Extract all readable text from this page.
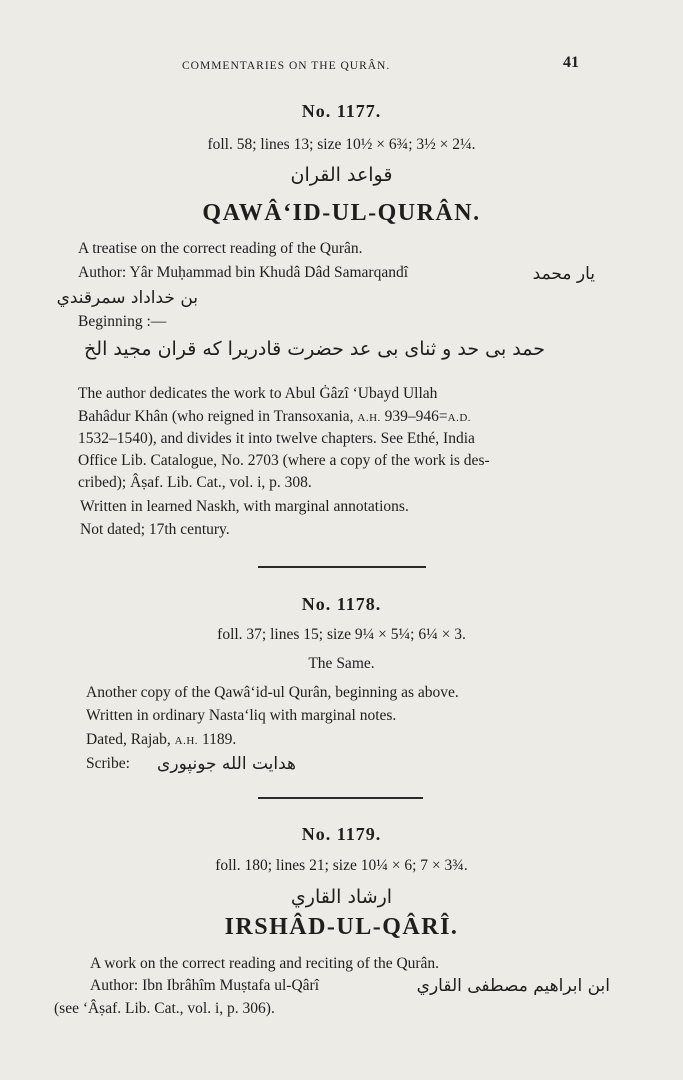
COMMENTARIES ON THE QURÂN.	41
No. 1177.
foll. 58; lines 13; size 10½ × 6¾; 3½ × 2¼.
قواعد القران
QAWÂ‘ID-UL-QURÂN.
A treatise on the correct reading of the Qurân.
Author: Yâr Muḥammad bin Khudâ Dâd Samarqandî	یار محمد
بن خداداد سمرقندي
Beginning :—
حمد بی حد و ثنای بی عد حضرت قادریرا که قران مجید الخ
The author dedicates the work to Abul Ġâzî ‘Ubayd Ullah
Bahâdur Khân (who reigned in Transoxania, A.H. 939–946=A.D.
1532–1540), and divides it into twelve chapters. See Ethé, India
Office Lib. Catalogue, No. 2703 (where a copy of the work is des-
cribed); Âṣaf. Lib. Cat., vol. i, p. 308.
Written in learned Naskh, with marginal annotations.
Not dated; 17th century.
No. 1178.
foll. 37; lines 15; size 9¼ × 5¼; 6¼ × 3.
The Same.
Another copy of the Qawâ‘id-ul Qurân, beginning as above.
Written in ordinary Nasta‘liq with marginal notes.
Dated, Rajab, A.H. 1189.
Scribe:	هدایت الله جونپوری
No. 1179.
foll. 180; lines 21; size 10¼ × 6; 7 × 3¾.
ارشاد القاري
IRSHÂD-UL-QÂRÎ.
A work on the correct reading and reciting of the Qurân.
Author: Ibn Ibrâhîm Muṣtafa ul-Qârî	ابن ابراهیم مصطفی القاري
(see ‘Âṣaf. Lib. Cat., vol. i, p. 306).
